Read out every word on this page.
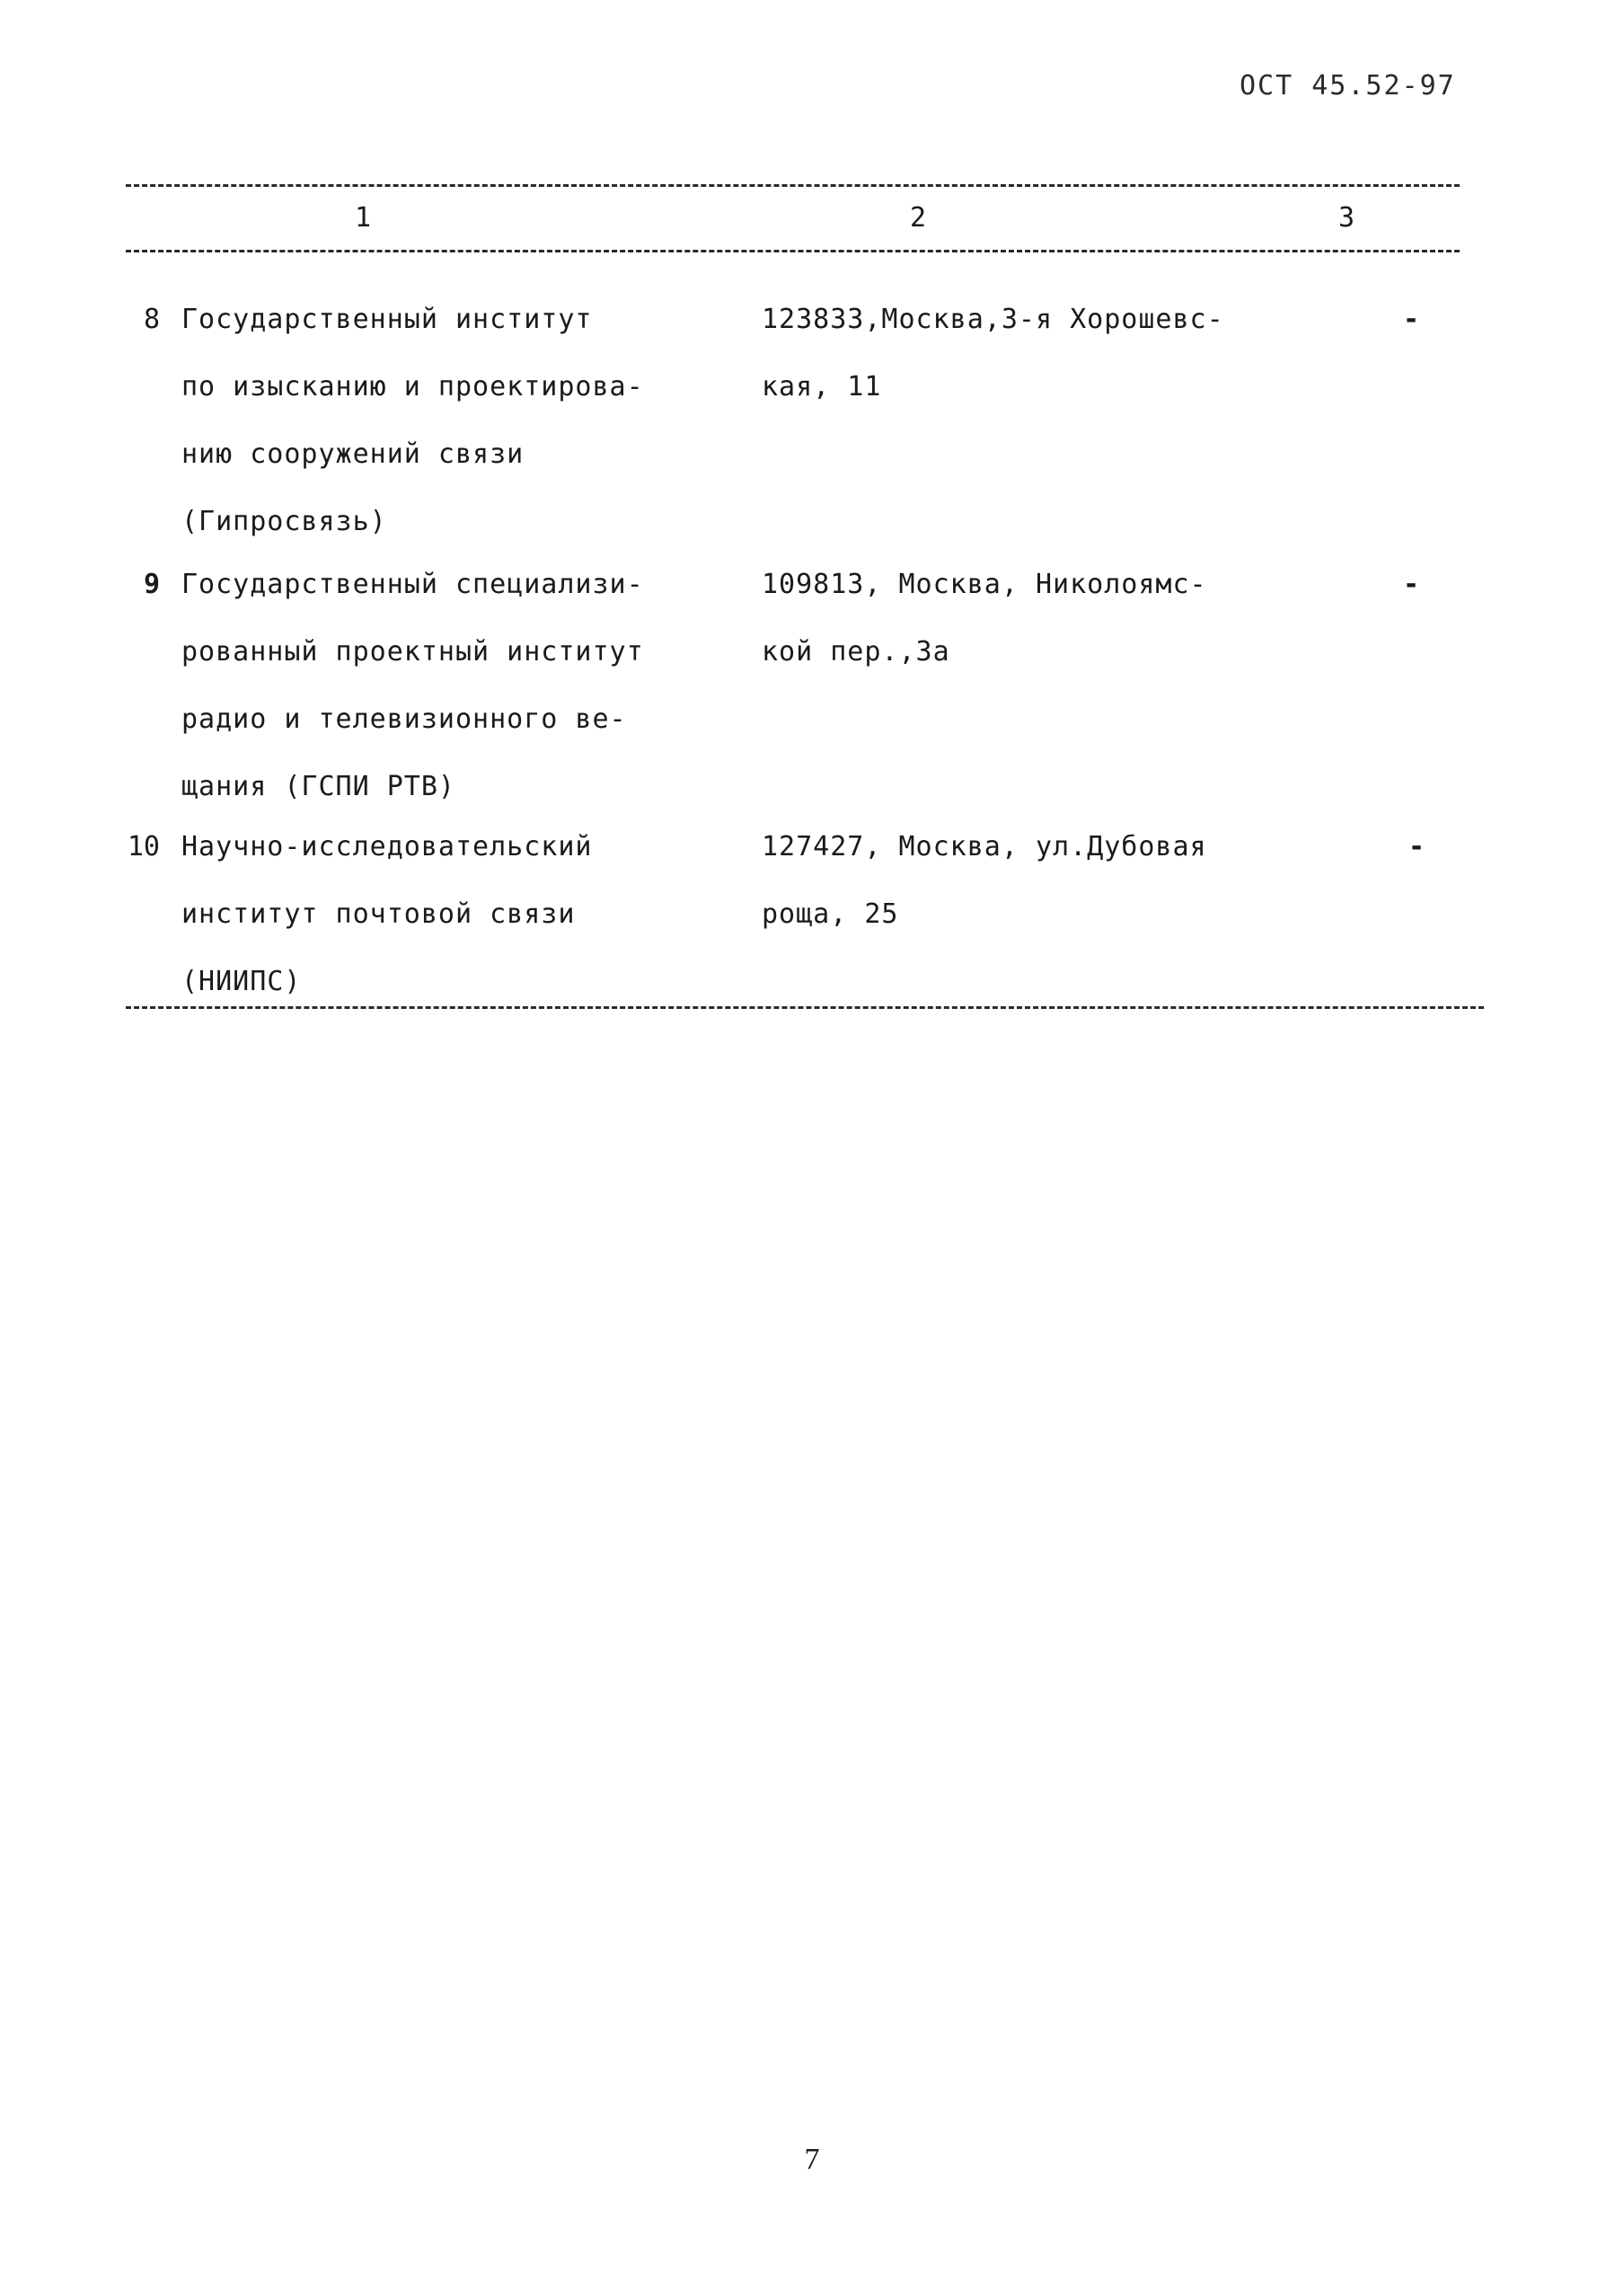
ОСТ 45.52-97
1	2	3
8 Государственный институт
по изысканию и проектирова-
нию сооружений связи
(Гипросвязь)
123833,Москва,3-я Хорошевс-
кая, 11
-
9 Государственный специализи-
рованный проектный институт
радио и телевизионного ве-
щания (ГСПИ РТВ)
109813, Москва, Николоямс-
кой пер.,3а
-
10 Научно-исследовательский
институт почтовой связи
(НИИПС)
127427, Москва, ул.Дубовая
роща, 25
-
7
